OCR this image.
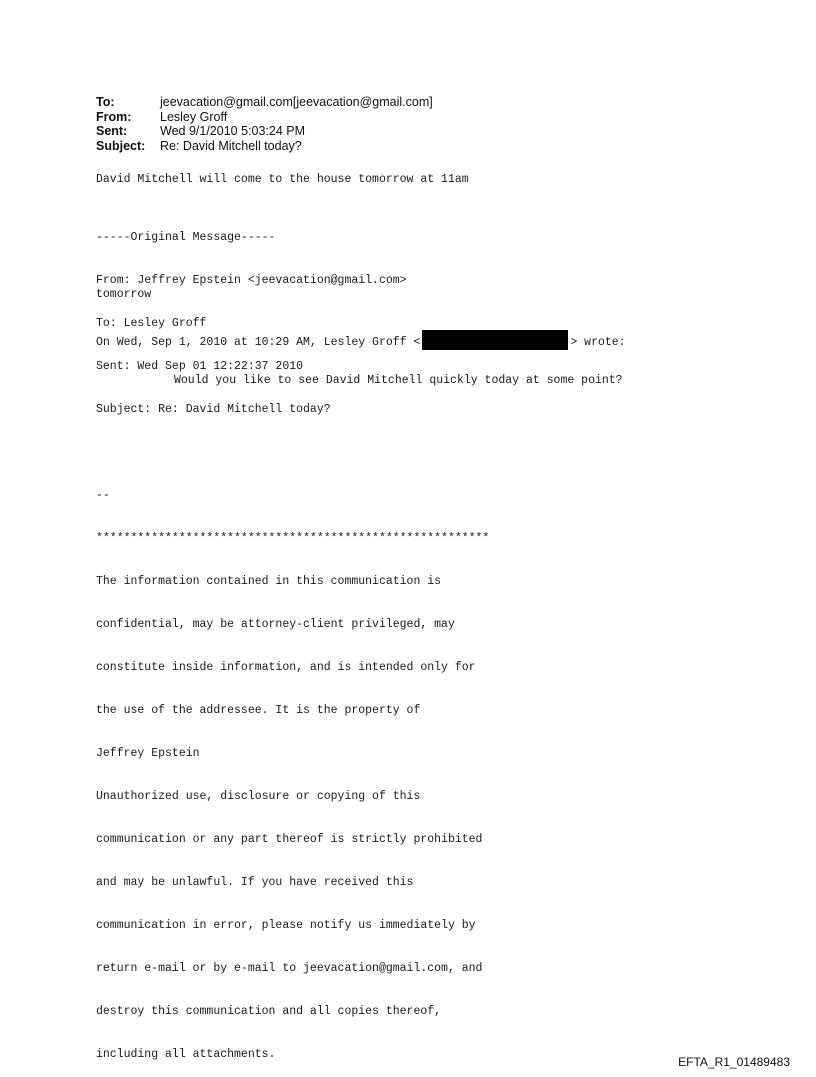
To:	jeevacation@gmail.com[jeevacation@gmail.com]
From:	Lesley Groff
Sent:	Wed 9/1/2010 5:03:24 PM
Subject:	Re: David Mitchell today?
David Mitchell will come to the house tomorrow at 11am

-----Original Message-----

From: Jeffrey Epstein <jeevacation@gmail.com>

To: Lesley Groff

Sent: Wed Sep 01 12:22:37 2010

Subject: Re: David Mitchell today?

tomorrow
On Wed, Sep 1, 2010 at 10:29 AM, Lesley Groff <	> wrote:
Would you like to see David Mitchell quickly today at some point?

--

*********************************************************

The information contained in this communication is

confidential, may be attorney-client privileged, may

constitute inside information, and is intended only for

the use of the addressee. It is the property of

Jeffrey Epstein

Unauthorized use, disclosure or copying of this

communication or any part thereof is strictly prohibited

and may be unlawful. If you have received this

communication in error, please notify us immediately by

return e-mail or by e-mail to jeevacation@gmail.com, and

destroy this communication and all copies thereof,

including all attachments.

EFTA_R1_01489483
